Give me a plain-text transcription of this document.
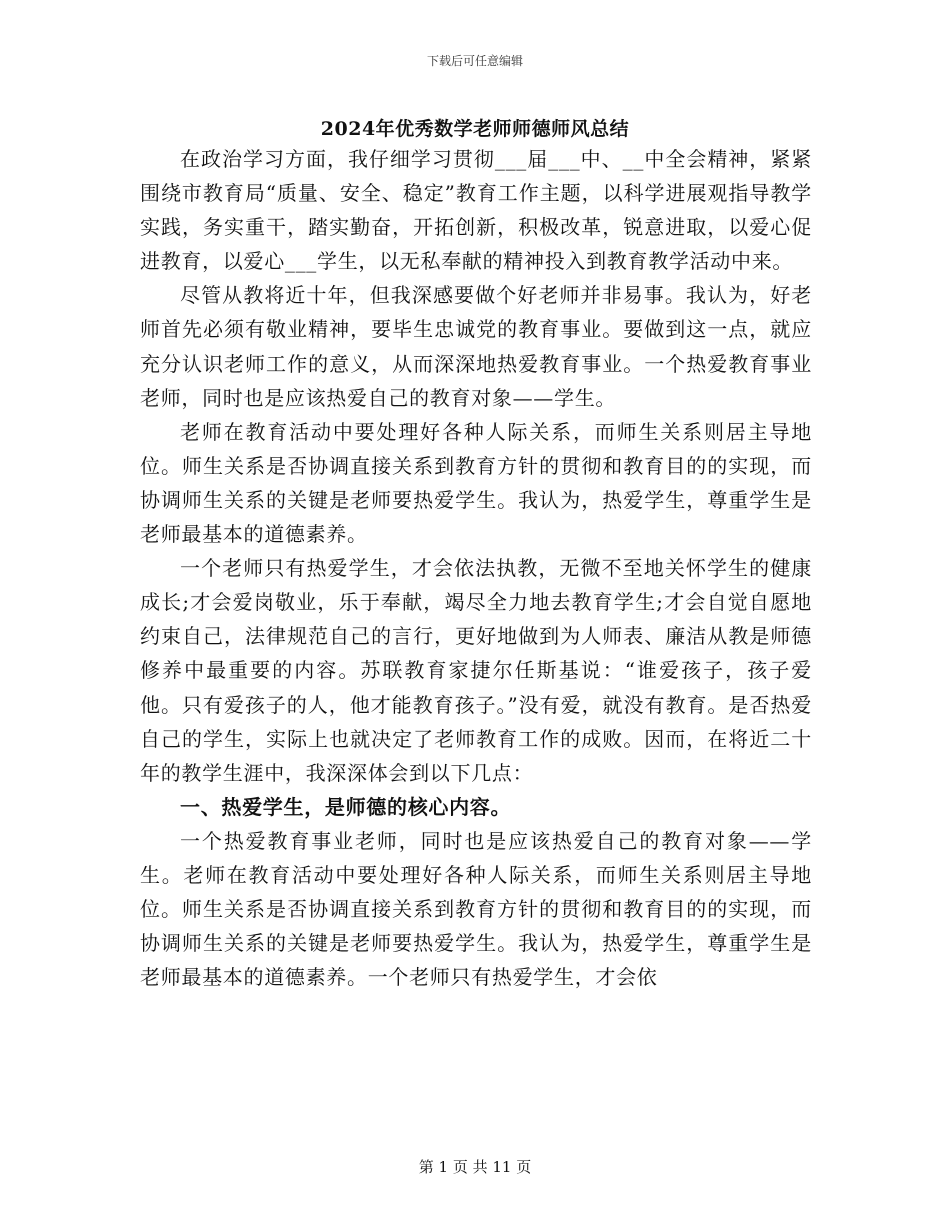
下载后可任意编辑
2024年优秀数学老师师德师风总结

在政治学习方面，我仔细学习贯彻___届___中、__中全会精神，紧紧围绕市教育局“质量、安全、稳定”教育工作主题，以科学进展观指导教学实践，务实重干，踏实勤奋，开拓创新，积极改革，锐意进取，以爱心促进教育，以爱心___学生，以无私奉献的精神投入到教育教学活动中来。

尽管从教将近十年，但我深感要做个好老师并非易事。我认为，好老师首先必须有敬业精神，要毕生忠诚党的教育事业。要做到这一点，就应充分认识老师工作的意义，从而深深地热爱教育事业。一个热爱教育事业老师，同时也是应该热爱自己的教育对象——学生。

老师在教育活动中要处理好各种人际关系，而师生关系则居主导地位。师生关系是否协调直接关系到教育方针的贯彻和教育目的的实现，而协调师生关系的关键是老师要热爱学生。我认为，热爱学生，尊重学生是老师最基本的道德素养。

一个老师只有热爱学生，才会依法执教，无微不至地关怀学生的健康成长;才会爱岗敬业，乐于奉献，竭尽全力地去教育学生;才会自觉自愿地约束自己，法律规范自己的言行，更好地做到为人师表、廉洁从教是师德修养中最重要的内容。苏联教育家捷尔任斯基说：“谁爱孩子，孩子爱他。只有爱孩子的人，他才能教育孩子。”没有爱，就没有教育。是否热爱自己的学生，实际上也就决定了老师教育工作的成败。因而，在将近二十年的教学生涯中，我深深体会到以下几点：

一、热爱学生，是师德的核心内容。

一个热爱教育事业老师，同时也是应该热爱自己的教育对象——学生。老师在教育活动中要处理好各种人际关系，而师生关系则居主导地位。师生关系是否协调直接关系到教育方针的贯彻和教育目的的实现，而协调师生关系的关键是老师要热爱学生。我认为，热爱学生，尊重学生是老师最基本的道德素养。一个老师只有热爱学生，才会依

第 1 页 共 11 页
